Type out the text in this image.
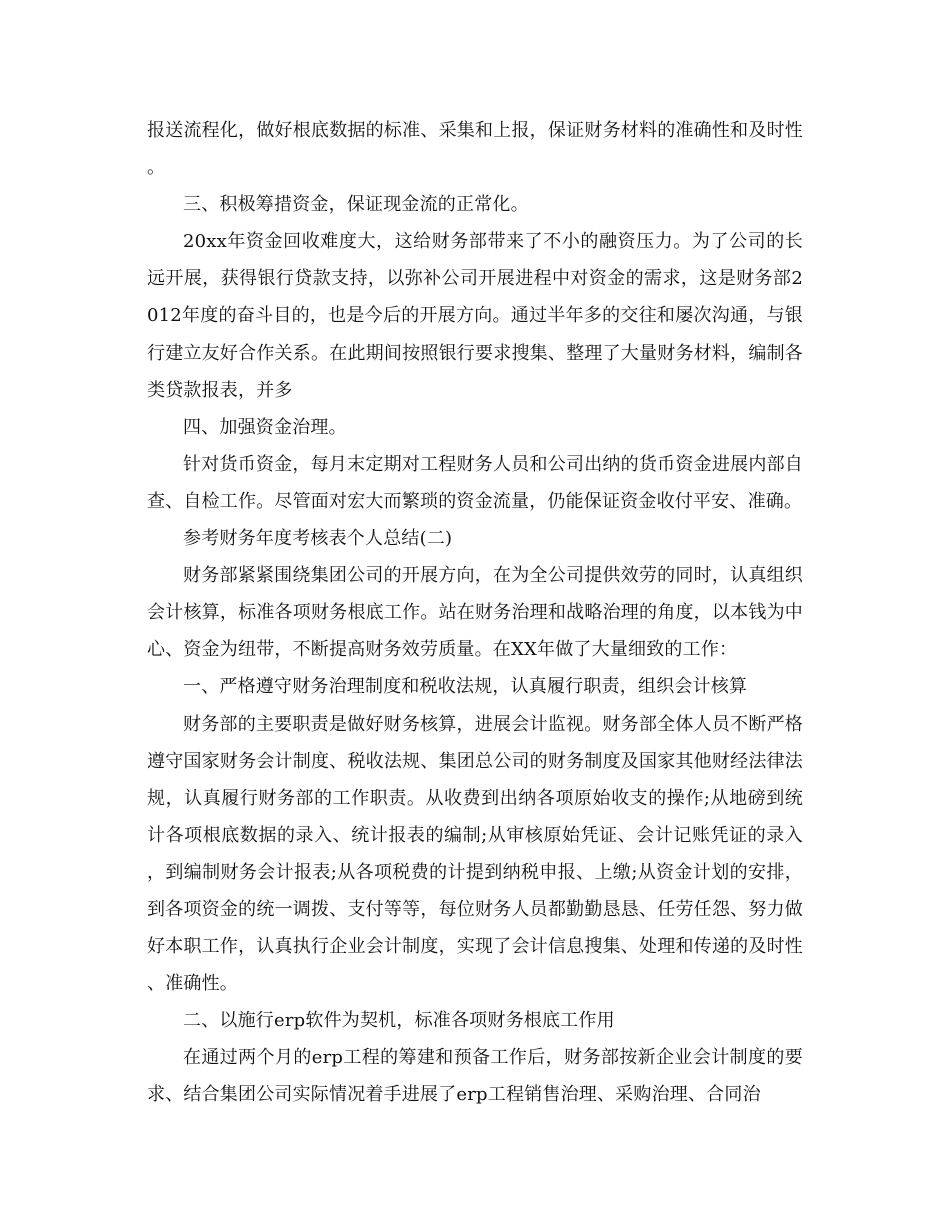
报送流程化，做好根底数据的标准、采集和上报，保证财务材料的准确性和及时性。

三、积极筹措资金，保证现金流的正常化。

20xx年资金回收难度大，这给财务部带来了不小的融资压力。为了公司的长远开展，获得银行贷款支持，以弥补公司开展进程中对资金的需求，这是财务部2012年度的奋斗目的，也是今后的开展方向。通过半年多的交往和屡次沟通，与银行建立友好合作关系。在此期间按照银行要求搜集、整理了大量财务材料，编制各类贷款报表，并多

四、加强资金治理。

针对货币资金，每月末定期对工程财务人员和公司出纳的货币资金进展内部自查、自检工作。尽管面对宏大而繁琐的资金流量，仍能保证资金收付平安、准确。

参考财务年度考核表个人总结(二)

财务部紧紧围绕集团公司的开展方向，在为全公司提供效劳的同时，认真组织会计核算，标准各项财务根底工作。站在财务治理和战略治理的角度，以本钱为中心、资金为纽带，不断提高财务效劳质量。在XX年做了大量细致的工作：

一、严格遵守财务治理制度和税收法规，认真履行职责，组织会计核算

财务部的主要职责是做好财务核算，进展会计监视。财务部全体人员不断严格遵守国家财务会计制度、税收法规、集团总公司的财务制度及国家其他财经法律法规，认真履行财务部的工作职责。从收费到出纳各项原始收支的操作;从地磅到统计各项根底数据的录入、统计报表的编制;从审核原始凭证、会计记账凭证的录入，到编制财务会计报表;从各项税费的计提到纳税申报、上缴;从资金计划的安排，到各项资金的统一调拨、支付等等，每位财务人员都勤勤恳恳、任劳任怨、努力做好本职工作，认真执行企业会计制度，实现了会计信息搜集、处理和传递的及时性、准确性。

二、以施行erp软件为契机，标准各项财务根底工作用

在通过两个月的erp工程的筹建和预备工作后，财务部按新企业会计制度的要求、结合集团公司实际情况着手进展了erp工程销售治理、采购治理、合同治
